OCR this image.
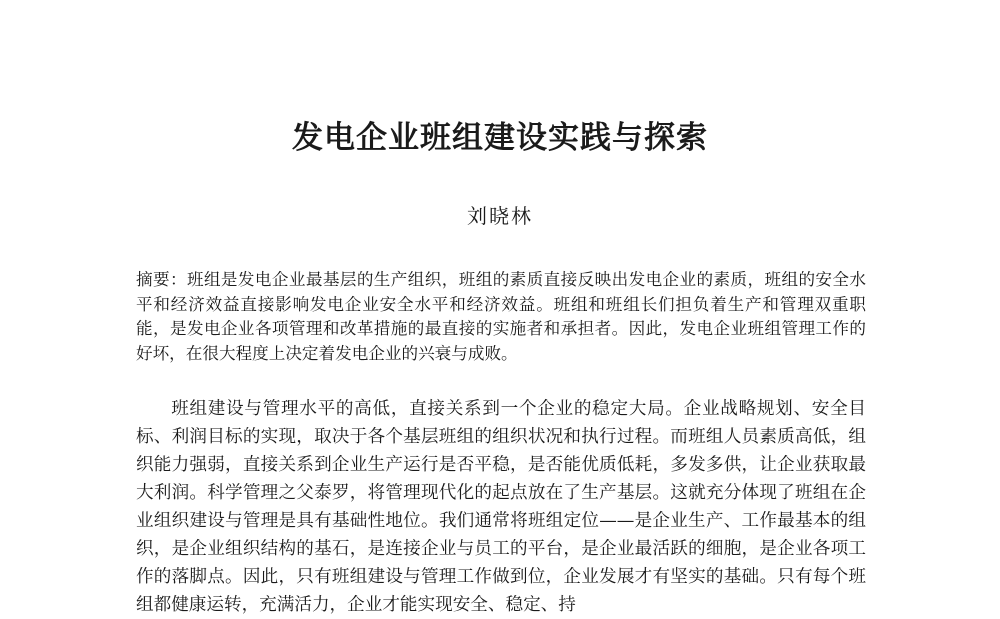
发电企业班组建设实践与探索
刘晓林

摘要：班组是发电企业最基层的生产组织，班组的素质直接反映出发电企业的素质，班组的安全水平和经济效益直接影响发电企业安全水平和经济效益。班组和班组长们担负着生产和管理双重职能，是发电企业各项管理和改革措施的最直接的实施者和承担者。因此，发电企业班组管理工作的好坏，在很大程度上决定着发电企业的兴衰与成败。

班组建设与管理水平的高低，直接关系到一个企业的稳定大局。企业战略规划、安全目标、利润目标的实现，取决于各个基层班组的组织状况和执行过程。而班组人员素质高低，组织能力强弱，直接关系到企业生产运行是否平稳，是否能优质低耗，多发多供，让企业获取最大利润。科学管理之父泰罗，将管理现代化的起点放在了生产基层。这就充分体现了班组在企业组织建设与管理是具有基础性地位。我们通常将班组定位——是企业生产、工作最基本的组织，是企业组织结构的基石，是连接企业与员工的平台，是企业最活跃的细胞，是企业各项工作的落脚点。因此，只有班组建设与管理工作做到位，企业发展才有坚实的基础。只有每个班组都健康运转，充满活力，企业才能实现安全、稳定、持
